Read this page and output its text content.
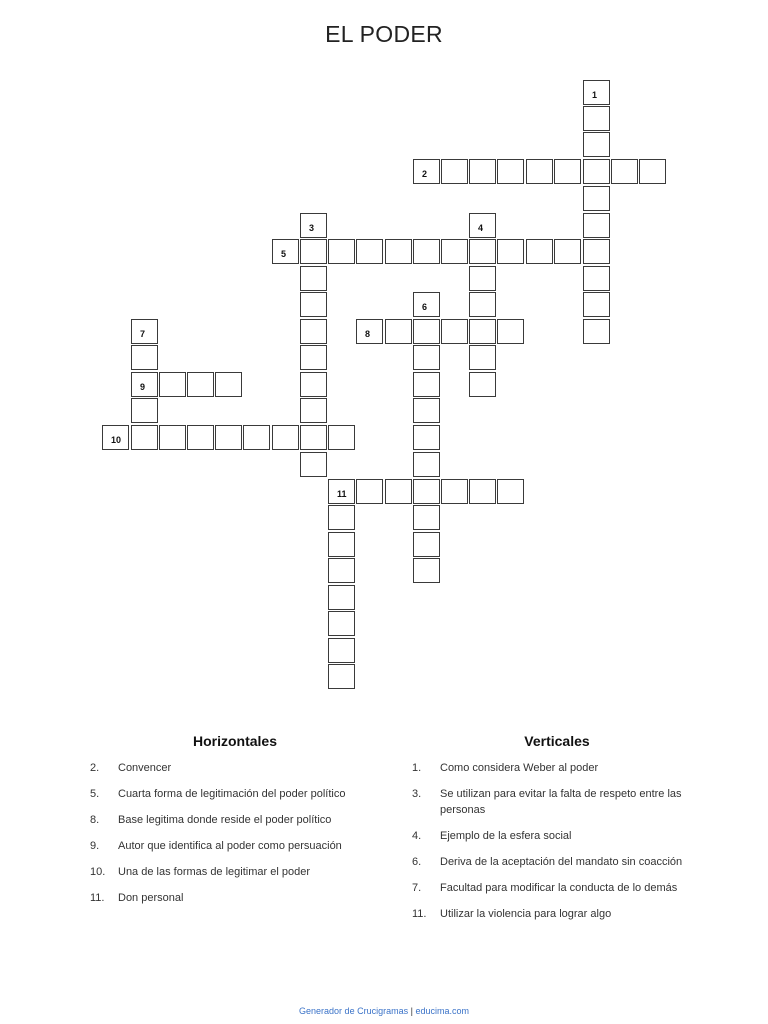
EL PODER
1
2
3	4
5
6
7	8
9
10
11
Horizontales
2.	Convencer
5.	Cuarta forma de legitimación del poder político
8.	Base legitima donde reside el poder político
9.	Autor que identifica al poder como persuación
10.	Una de las formas de legitimar el poder
11.	Don personal
Verticales
1.	Como considera Weber al poder
3.	Se utilizan para evitar la falta de respeto entre las personas
4.	Ejemplo de la esfera social
6.	Deriva de la aceptación del mandato sin coacción
7.	Facultad para modificar la conducta de lo demás
11.	Utilizar la violencia para lograr algo
Generador de Crucigramas | educima.com
